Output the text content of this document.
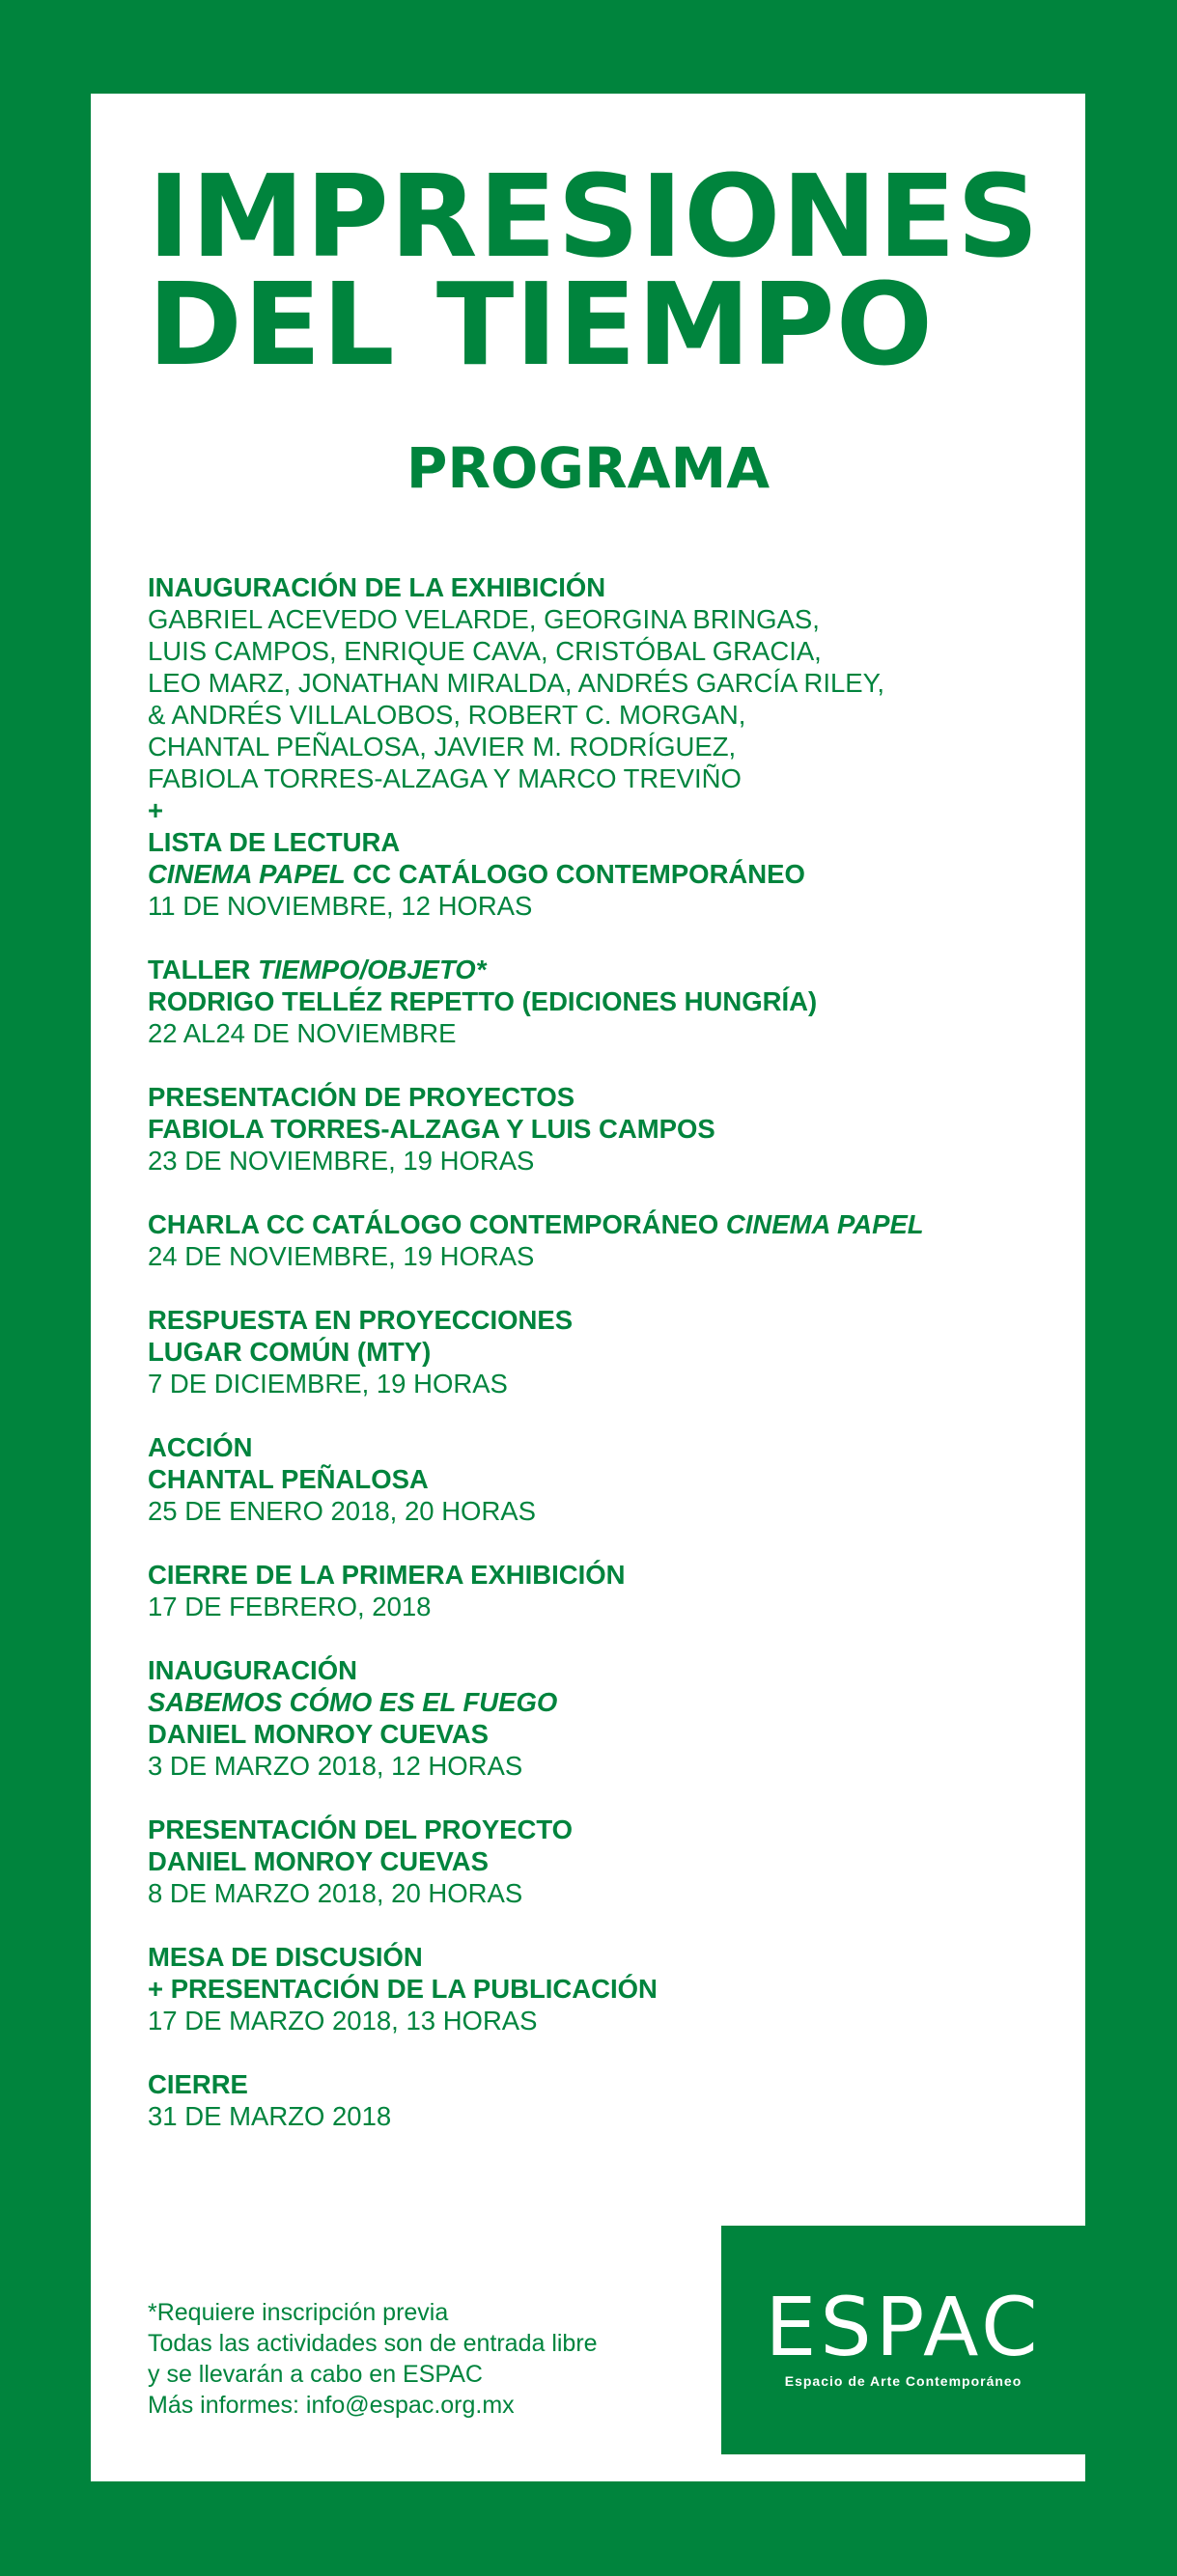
IMPRESIONES
DEL TIEMPO
PROGRAMA
INAUGURACIÓN DE LA EXHIBICIÓN
GABRIEL ACEVEDO VELARDE, GEORGINA BRINGAS,
LUIS CAMPOS, ENRIQUE CAVA, CRISTÓBAL GRACIA,
LEO MARZ, JONATHAN MIRALDA, ANDRÉS GARCÍA RILEY,
& ANDRÉS VILLALOBOS, ROBERT C. MORGAN,
CHANTAL PEÑALOSA, JAVIER M. RODRÍGUEZ,
FABIOLA TORRES-ALZAGA Y MARCO TREVIÑO
+
LISTA DE LECTURA
CINEMA PAPEL CC CATÁLOGO CONTEMPORÁNEO
11 DE NOVIEMBRE, 12 HORAS
TALLER TIEMPO/OBJETO*
RODRIGO TELLÉZ REPETTO (EDICIONES HUNGRÍA)
22 AL24 DE NOVIEMBRE
PRESENTACIÓN DE PROYECTOS
FABIOLA TORRES-ALZAGA Y LUIS CAMPOS
23 DE NOVIEMBRE, 19 HORAS
CHARLA CC CATÁLOGO CONTEMPORÁNEO CINEMA PAPEL
24 DE NOVIEMBRE, 19 HORAS
RESPUESTA EN PROYECCIONES
LUGAR COMÚN (MTY)
7 DE DICIEMBRE, 19 HORAS
ACCIÓN
CHANTAL PEÑALOSA
25 DE ENERO 2018, 20 HORAS
CIERRE DE LA PRIMERA EXHIBICIÓN
17 DE FEBRERO, 2018
INAUGURACIÓN
SABEMOS CÓMO ES EL FUEGO
DANIEL MONROY CUEVAS
3 DE MARZO 2018, 12 HORAS
PRESENTACIÓN DEL PROYECTO
DANIEL MONROY CUEVAS
8 DE MARZO 2018, 20 HORAS
MESA DE DISCUSIÓN
+ PRESENTACIÓN DE LA PUBLICACIÓN
17 DE MARZO 2018, 13 HORAS
CIERRE
31 DE MARZO 2018
*Requiere inscripción previa
Todas las actividades son de entrada libre
y se llevarán a cabo en ESPAC
Más informes: info@espac.org.mx
ESPAC
Espacio de Arte Contemporáneo
